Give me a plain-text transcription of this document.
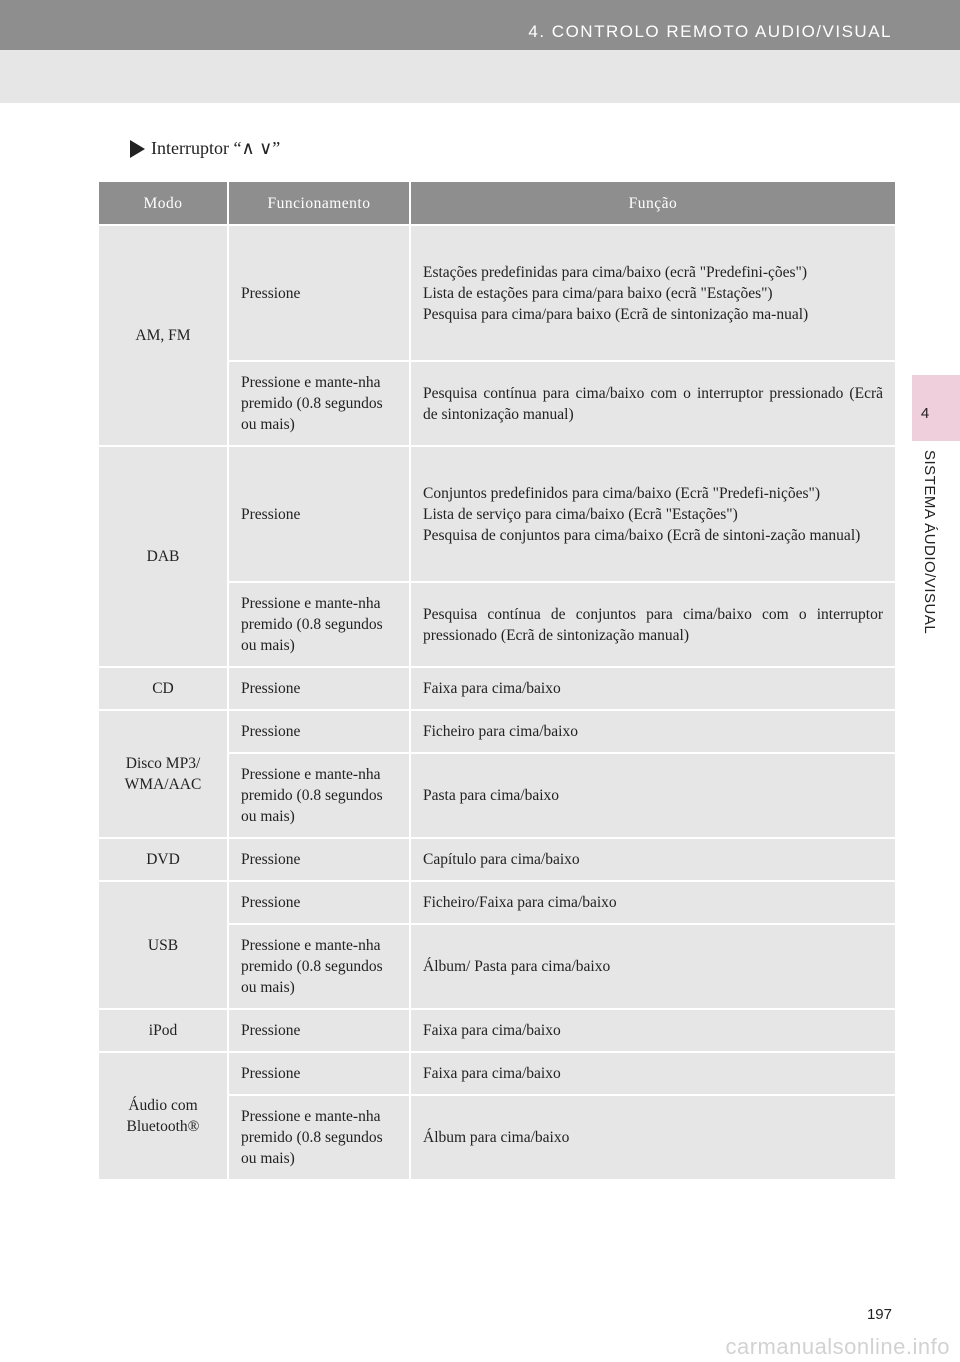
4. CONTROLO REMOTO AUDIO/VISUAL
4
SISTEMA ÁUDIO/VISUAL
Interruptor “∧ ∨”
Modo	Funcionamento	Função
AM, FM	Pressione	Estações predefinidas para cima/baixo (ecrã "Predefini-ções")
Lista de estações para cima/para baixo (ecrã "Estações")
Pesquisa para cima/para baixo (Ecrã de sintonização ma-nual)
	Pressione e mante-nha premido (0.8 segundos ou mais)	Pesquisa contínua para cima/baixo com o interruptor pressionado (Ecrã de sintonização manual)
DAB	Pressione	Conjuntos predefinidos para cima/baixo (Ecrã "Predefi-nições")
Lista de serviço para cima/baixo (Ecrã "Estações")
Pesquisa de conjuntos para cima/baixo (Ecrã de sintoni-zação manual)
	Pressione e mante-nha premido (0.8 segundos ou mais)	Pesquisa contínua de conjuntos para cima/baixo com o interruptor pressionado (Ecrã de sintonização manual)
CD	Pressione	Faixa para cima/baixo
Disco MP3/
WMA/AAC	Pressione	Ficheiro para cima/baixo
	Pressione e mante-nha premido (0.8 segundos ou mais)	Pasta para cima/baixo
DVD	Pressione	Capítulo para cima/baixo
USB	Pressione	Ficheiro/Faixa para cima/baixo
	Pressione e mante-nha premido (0.8 segundos ou mais)	Álbum/ Pasta para cima/baixo
iPod	Pressione	Faixa para cima/baixo
Áudio com
Bluetooth®	Pressione	Faixa para cima/baixo
	Pressione e mante-nha premido (0.8 segundos ou mais)	Álbum para cima/baixo
197
carmanualsonline.info
